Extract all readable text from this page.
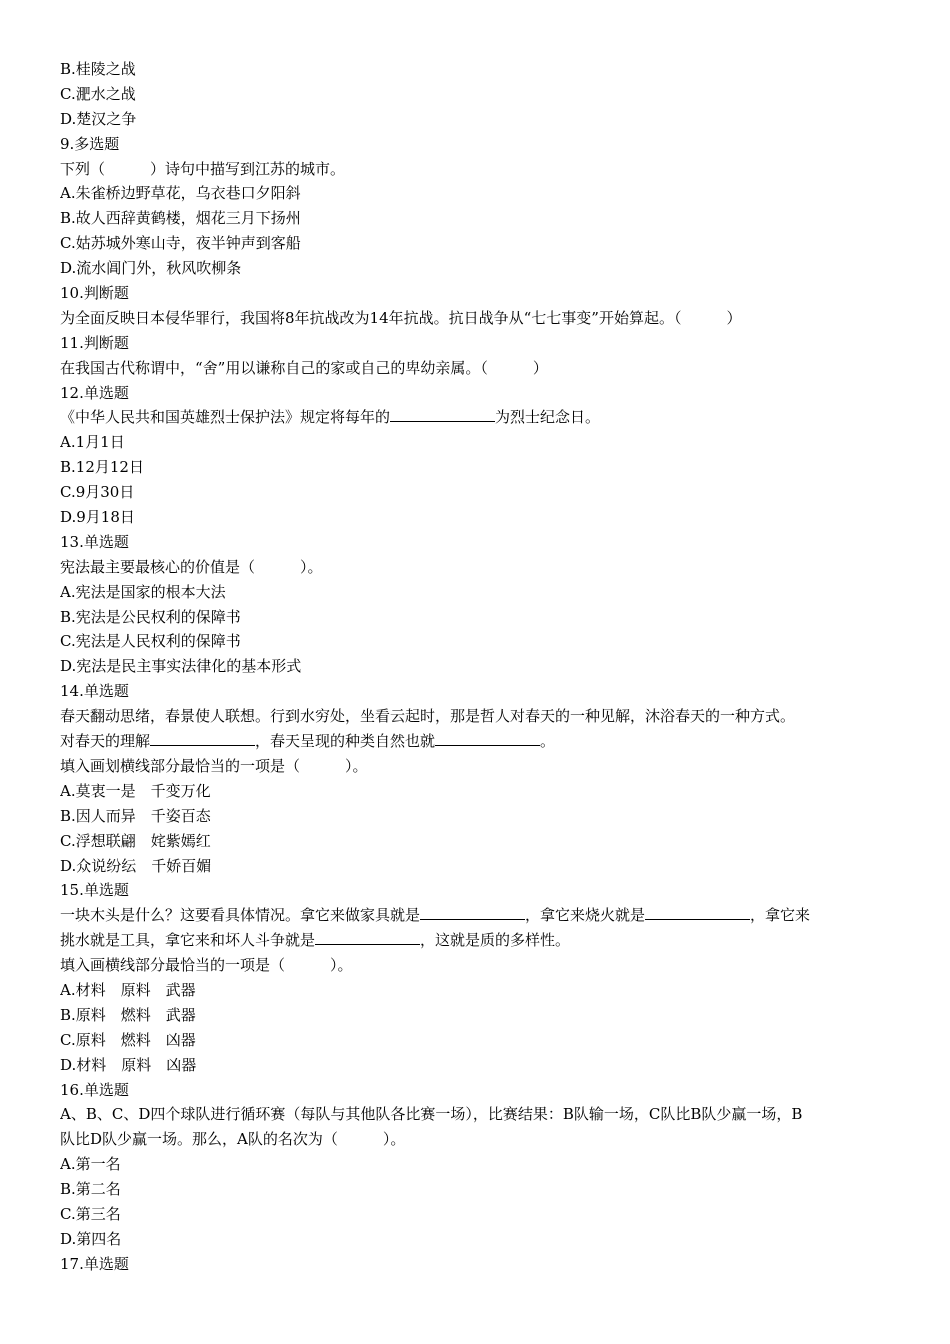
B.桂陵之战
C.淝水之战
D.楚汉之争
9.多选题
下列（　　　）诗句中描写到江苏的城市。
A.朱雀桥边野草花，乌衣巷口夕阳斜
B.故人西辞黄鹤楼，烟花三月下扬州
C.姑苏城外寒山寺，夜半钟声到客船
D.流水阊门外，秋风吹柳条
10.判断题
为全面反映日本侵华罪行，我国将8年抗战改为14年抗战。抗日战争从“七七事变”开始算起。（　　　）
11.判断题
在我国古代称谓中，“舍”用以谦称自己的家或自己的卑幼亲属。（　　　）
12.单选题
《中华人民共和国英雄烈士保护法》规定将每年的	为烈士纪念日。
A.1月1日
B.12月12日
C.9月30日
D.9月18日
13.单选题
宪法最主要最核心的价值是（　　　）。
A.宪法是国家的根本大法
B.宪法是公民权利的保障书
C.宪法是人民权利的保障书
D.宪法是民主事实法律化的基本形式
14.单选题
春天翻动思绪，春景使人联想。行到水穷处，坐看云起时，那是哲人对春天的一种见解，沐浴春天的一种方式。
对春天的理解	，春天呈现的种类自然也就	。
填入画划横线部分最恰当的一项是（　　　）。
A.莫衷一是　千变万化
B.因人而异　千姿百态
C.浮想联翩　姹紫嫣红
D.众说纷纭　千娇百媚
15.单选题
一块木头是什么？这要看具体情况。拿它来做家具就是	，拿它来烧火就是	，拿它来
挑水就是工具，拿它来和坏人斗争就是	，这就是质的多样性。
填入画横线部分最恰当的一项是（　　　）。
A.材料　原料　武器
B.原料　燃料　武器
C.原料　燃料　凶器
D.材料　原料　凶器
16.单选题
A、B、C、D四个球队进行循环赛（每队与其他队各比赛一场），比赛结果：B队输一场，C队比B队少赢一场，B
队比D队少赢一场。那么，A队的名次为（　　　）。
A.第一名
B.第二名
C.第三名
D.第四名
17.单选题
